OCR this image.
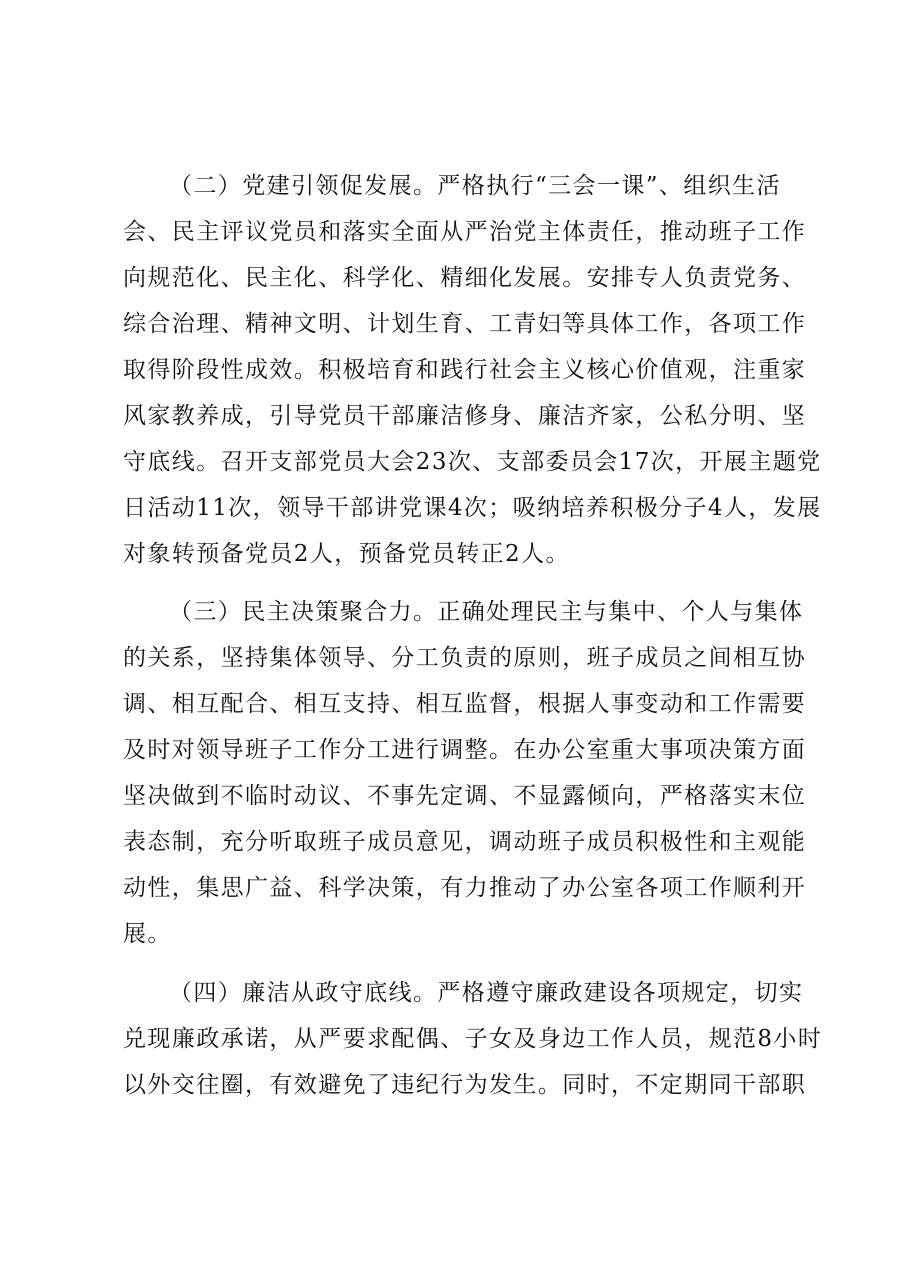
（二）党建引领促发展。严格执行“三会一课”、组织生活
会、民主评议党员和落实全面从严治党主体责任，推动班子工作
向规范化、民主化、科学化、精细化发展。安排专人负责党务、
综合治理、精神文明、计划生育、工青妇等具体工作，各项工作
取得阶段性成效。积极培育和践行社会主义核心价值观，注重家
风家教养成，引导党员干部廉洁修身、廉洁齐家，公私分明、坚
守底线。召开支部党员大会23次、支部委员会17次，开展主题党
日活动11次，领导干部讲党课4次；吸纳培养积极分子4人，发展
对象转预备党员2人，预备党员转正2人。
（三）民主决策聚合力。正确处理民主与集中、个人与集体
的关系，坚持集体领导、分工负责的原则，班子成员之间相互协
调、相互配合、相互支持、相互监督，根据人事变动和工作需要
及时对领导班子工作分工进行调整。在办公室重大事项决策方面
坚决做到不临时动议、不事先定调、不显露倾向，严格落实末位
表态制，充分听取班子成员意见，调动班子成员积极性和主观能
动性，集思广益、科学决策，有力推动了办公室各项工作顺利开
展。
（四）廉洁从政守底线。严格遵守廉政建设各项规定，切实
兑现廉政承诺，从严要求配偶、子女及身边工作人员，规范8小时
以外交往圈，有效避免了违纪行为发生。同时，不定期同干部职
